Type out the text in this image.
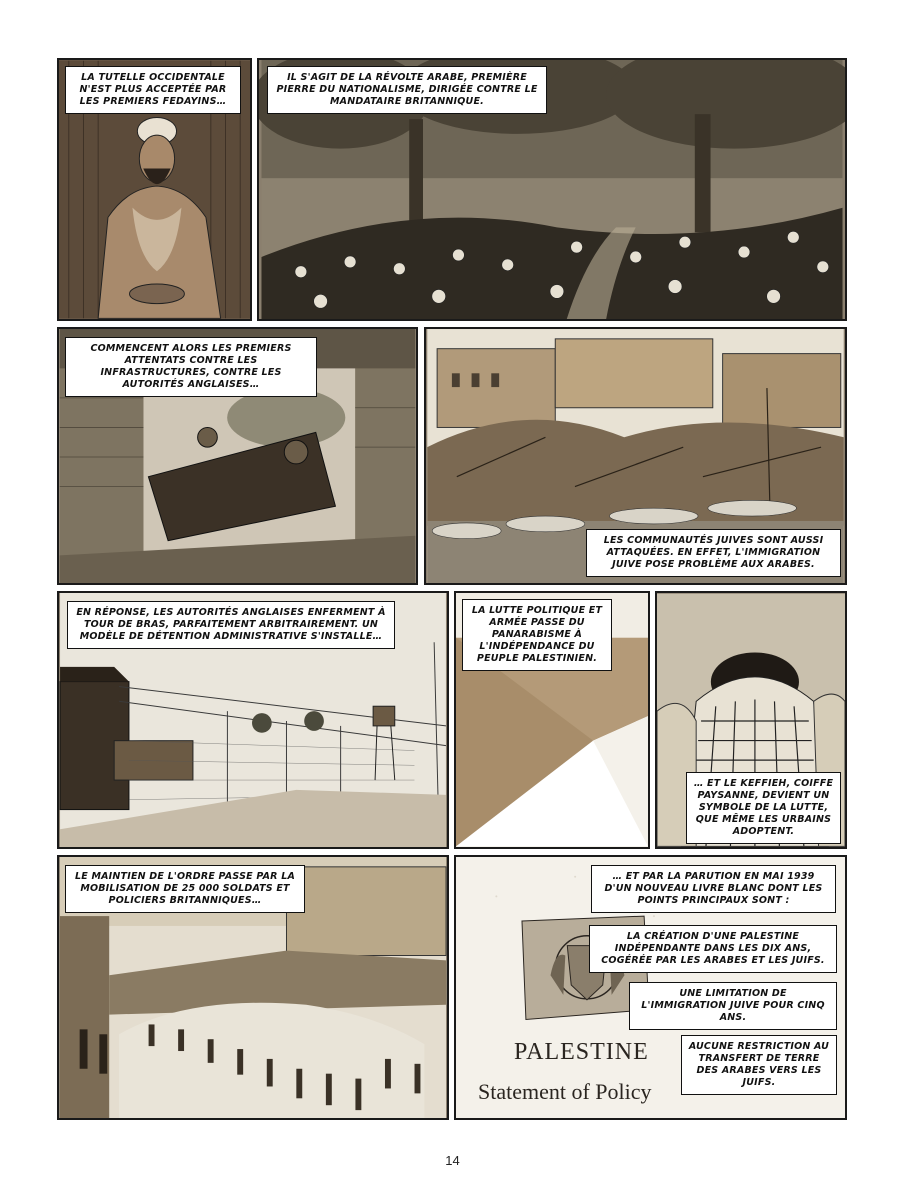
LA TUTELLE OCCIDENTALE N'EST PLUS ACCEPTÉE PAR LES PREMIERS FEDAYINS…
IL S'AGIT DE LA RÉVOLTE ARABE, PREMIÈRE PIERRE DU NATIONALISME, DIRIGÉE CONTRE LE MANDATAIRE BRITANNIQUE.
COMMENCENT ALORS LES PREMIERS ATTENTATS CONTRE LES INFRASTRUCTURES, CONTRE LES AUTORITÉS ANGLAISES…
LES COMMUNAUTÉS JUIVES SONT AUSSI ATTAQUÉES. EN EFFET, L'IMMIGRATION JUIVE POSE PROBLÈME AUX ARABES.
EN RÉPONSE, LES AUTORITÉS ANGLAISES ENFERMENT À TOUR DE BRAS, PARFAITEMENT ARBITRAIREMENT. UN MODÈLE DE DÉTENTION ADMINISTRATIVE S'INSTALLE…
LA LUTTE POLITIQUE ET ARMÉE PASSE DU PANARABISME À L'INDÉPENDANCE DU PEUPLE PALESTINIEN.
… ET LE KEFFIEH, COIFFE PAYSANNE, DEVIENT UN SYMBOLE DE LA LUTTE, QUE MÊME LES URBAINS ADOPTENT.
LE MAINTIEN DE L'ORDRE PASSE PAR LA MOBILISATION DE 25 000 SOLDATS ET POLICIERS BRITANNIQUES…
PALESTINE
Statement of Policy
… ET PAR LA PARUTION EN MAI 1939 D'UN NOUVEAU LIVRE BLANC DONT LES POINTS PRINCIPAUX SONT :
LA CRÉATION D'UNE PALESTINE INDÉPENDANTE DANS LES DIX ANS, COGÉRÉE PAR LES ARABES ET LES JUIFS.
UNE LIMITATION DE L'IMMIGRATION JUIVE POUR CINQ ANS.
AUCUNE RESTRICTION AU TRANSFERT DE TERRE DES ARABES VERS LES JUIFS.
14
